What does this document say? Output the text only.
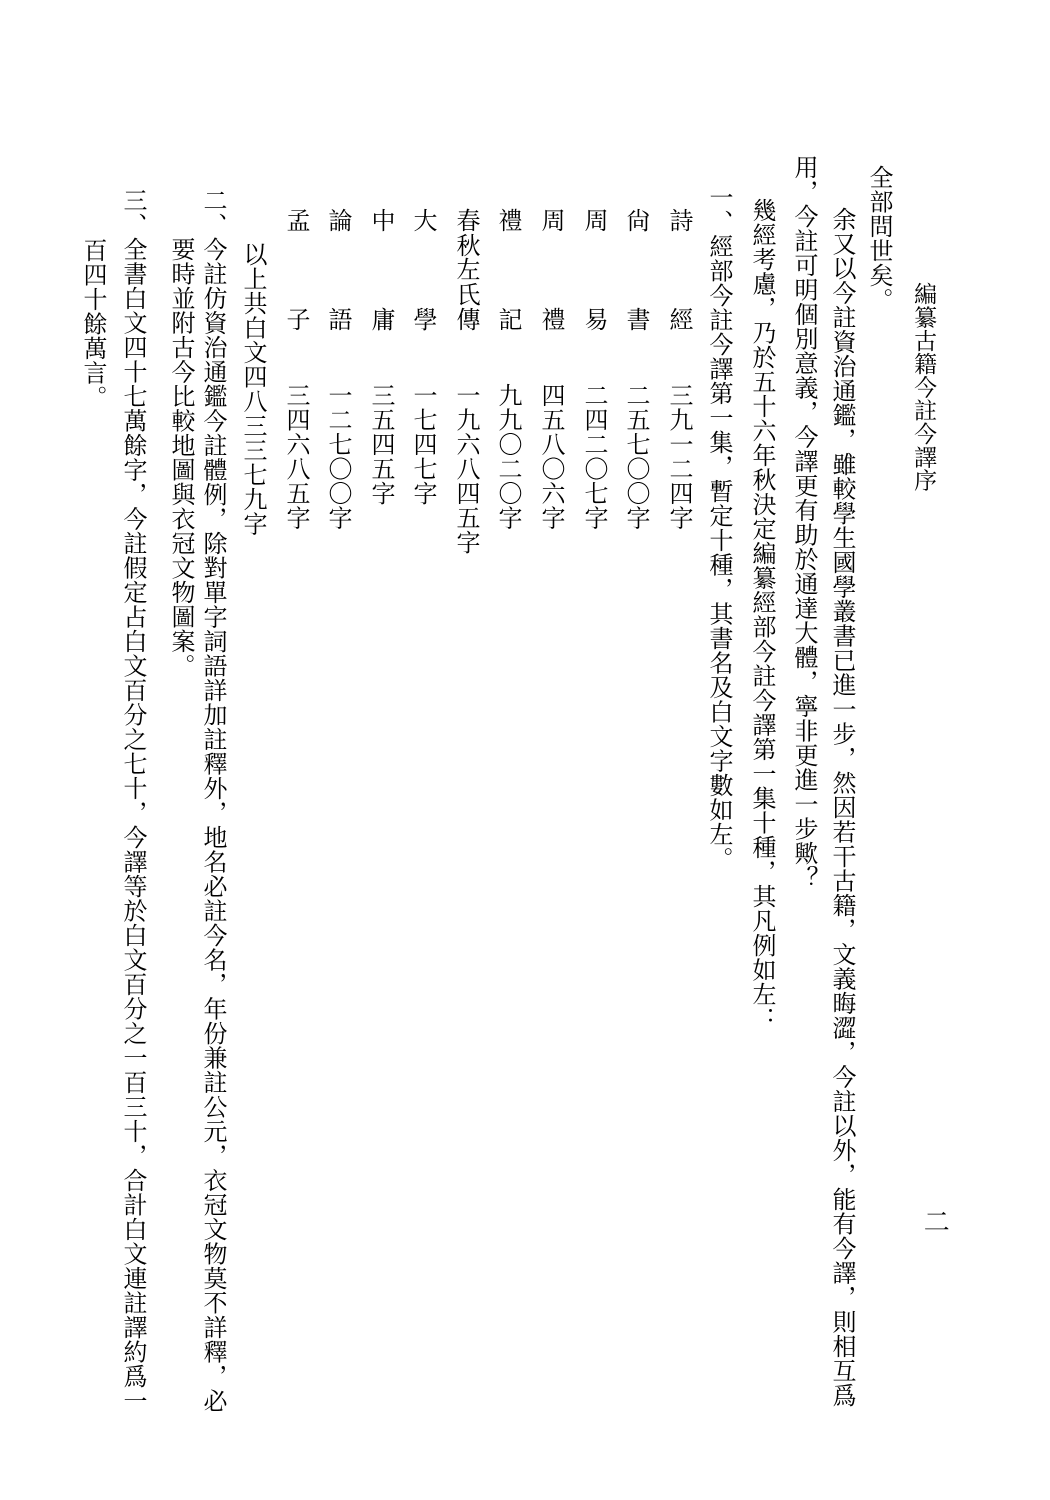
編纂古籍今註今譯序
二
全部問世矣。
余又以今註資治通鑑，雖較學生國學叢書已進一步，然因若干古籍，文義晦澀，今註以外，能有今譯，則相互爲
用，今註可明個別意義，今譯更有助於通達大體，寧非更進一步歟？
幾經考慮，乃於五十六年秋決定編纂經部今註今譯第一集十種，其凡例如左：
一、經部今註今譯第一集，暫定十種，其書名及白文字數如左。
詩
經
三九一二四字
尙
書
二五七〇〇字
周
易
二四二〇七字
周
禮
四五八〇六字
禮
記
九九〇二〇字
春
秋
左
氏
傳
一九六八四五字
大
學
一七四七字
中
庸
三五四五字
論
語
一二七〇〇字
孟
子
三四六八五字
以上共白文四八三三七九字
二、今註仿資治通鑑今註體例，除對單字詞語詳加註釋外，地名必註今名，年份兼註公元，衣冠文物莫不詳釋，必
要時並附古今比較地圖與衣冠文物圖案。
三、全書白文四十七萬餘字，今註假定占白文百分之七十，今譯等於白文百分之一百三十，合計白文連註譯約爲一
百四十餘萬言。
